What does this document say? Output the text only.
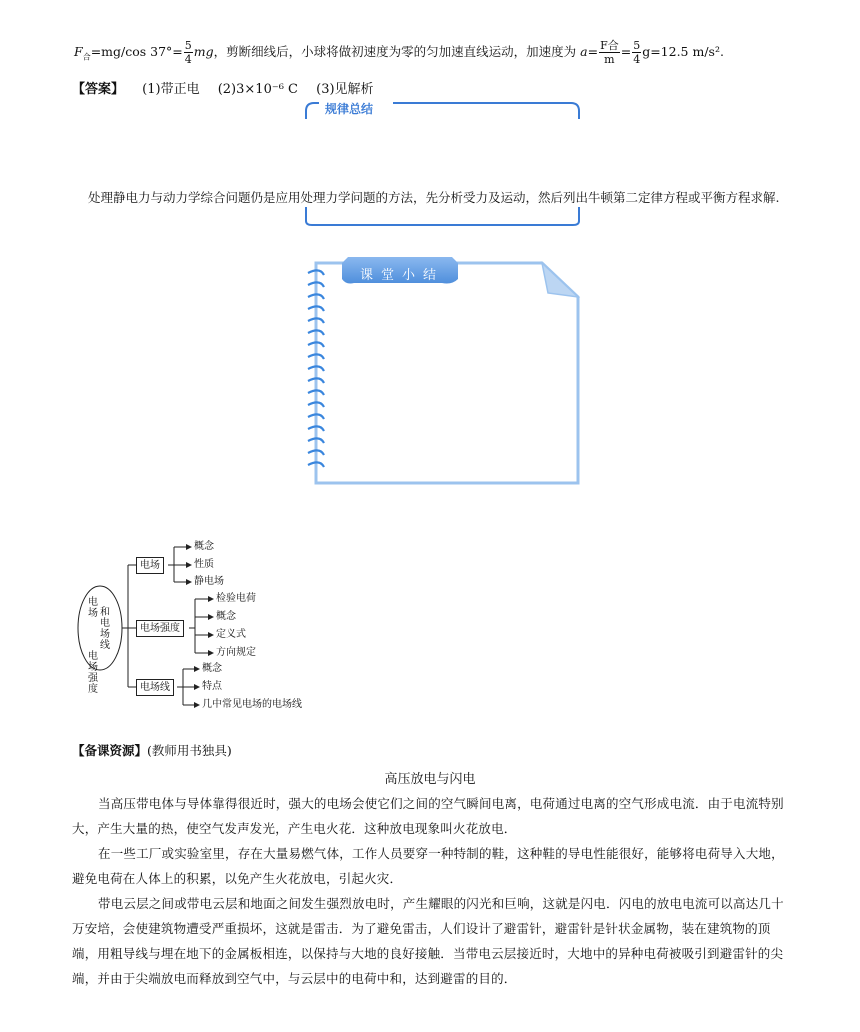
$F_合=mg/\cos$ $37^\circ= \frac{5}{4}$ mg，剪断细线后，小球将做初速度为零的匀加速直线运动，加速度为 $a= \frac{\text{F合}}{m} = \frac{5}{4} g=12.5$ m/s².
【答案】 (1)带正电 (2)3×10⁻⁶ C (3)见解析
规律总结
处理静电力与动力学综合问题仍是应用处理力学问题的方法，先分析受力及运动，然后列出牛顿第二定律方程或平衡方程求解.
课堂小结
电
场 和
电
场
线
电
场
强
度
电场
概念
性质
静电场
电场强度
检验电荷
概念
定义式
方向规定
电场线
概念
特点
几中常见电场的电场线
【备课资源】(教师用书独具)
高压放电与闪电
当高压带电体与导体靠得很近时，强大的电场会使它们之间的空气瞬间电离，电荷通过电离的空气形成电流．由于电流特别大，产生大量的热，使空气发声发光，产生电火花．这种放电现象叫火花放电．
在一些工厂或实验室里，存在大量易燃气体，工作人员要穿一种特制的鞋，这种鞋的导电性能很好，能够将电荷导入大地，避免电荷在人体上的积累，以免产生火花放电，引起火灾．
带电云层之间或带电云层和地面之间发生强烈放电时，产生耀眼的闪光和巨响，这就是闪电．闪电的放电电流可以高达几十万安培，会使建筑物遭受严重损坏，这就是雷击．为了避免雷击，人们设计了避雷针，避雷针是针状金属物，装在建筑物的顶端，用粗导线与埋在地下的金属板相连，以保持与大地的良好接触．当带电云层接近时，大地中的异种电荷被吸引到避雷针的尖端，并由于尖端放电而释放到空气中，与云层中的电荷中和，达到避雷的目的．
